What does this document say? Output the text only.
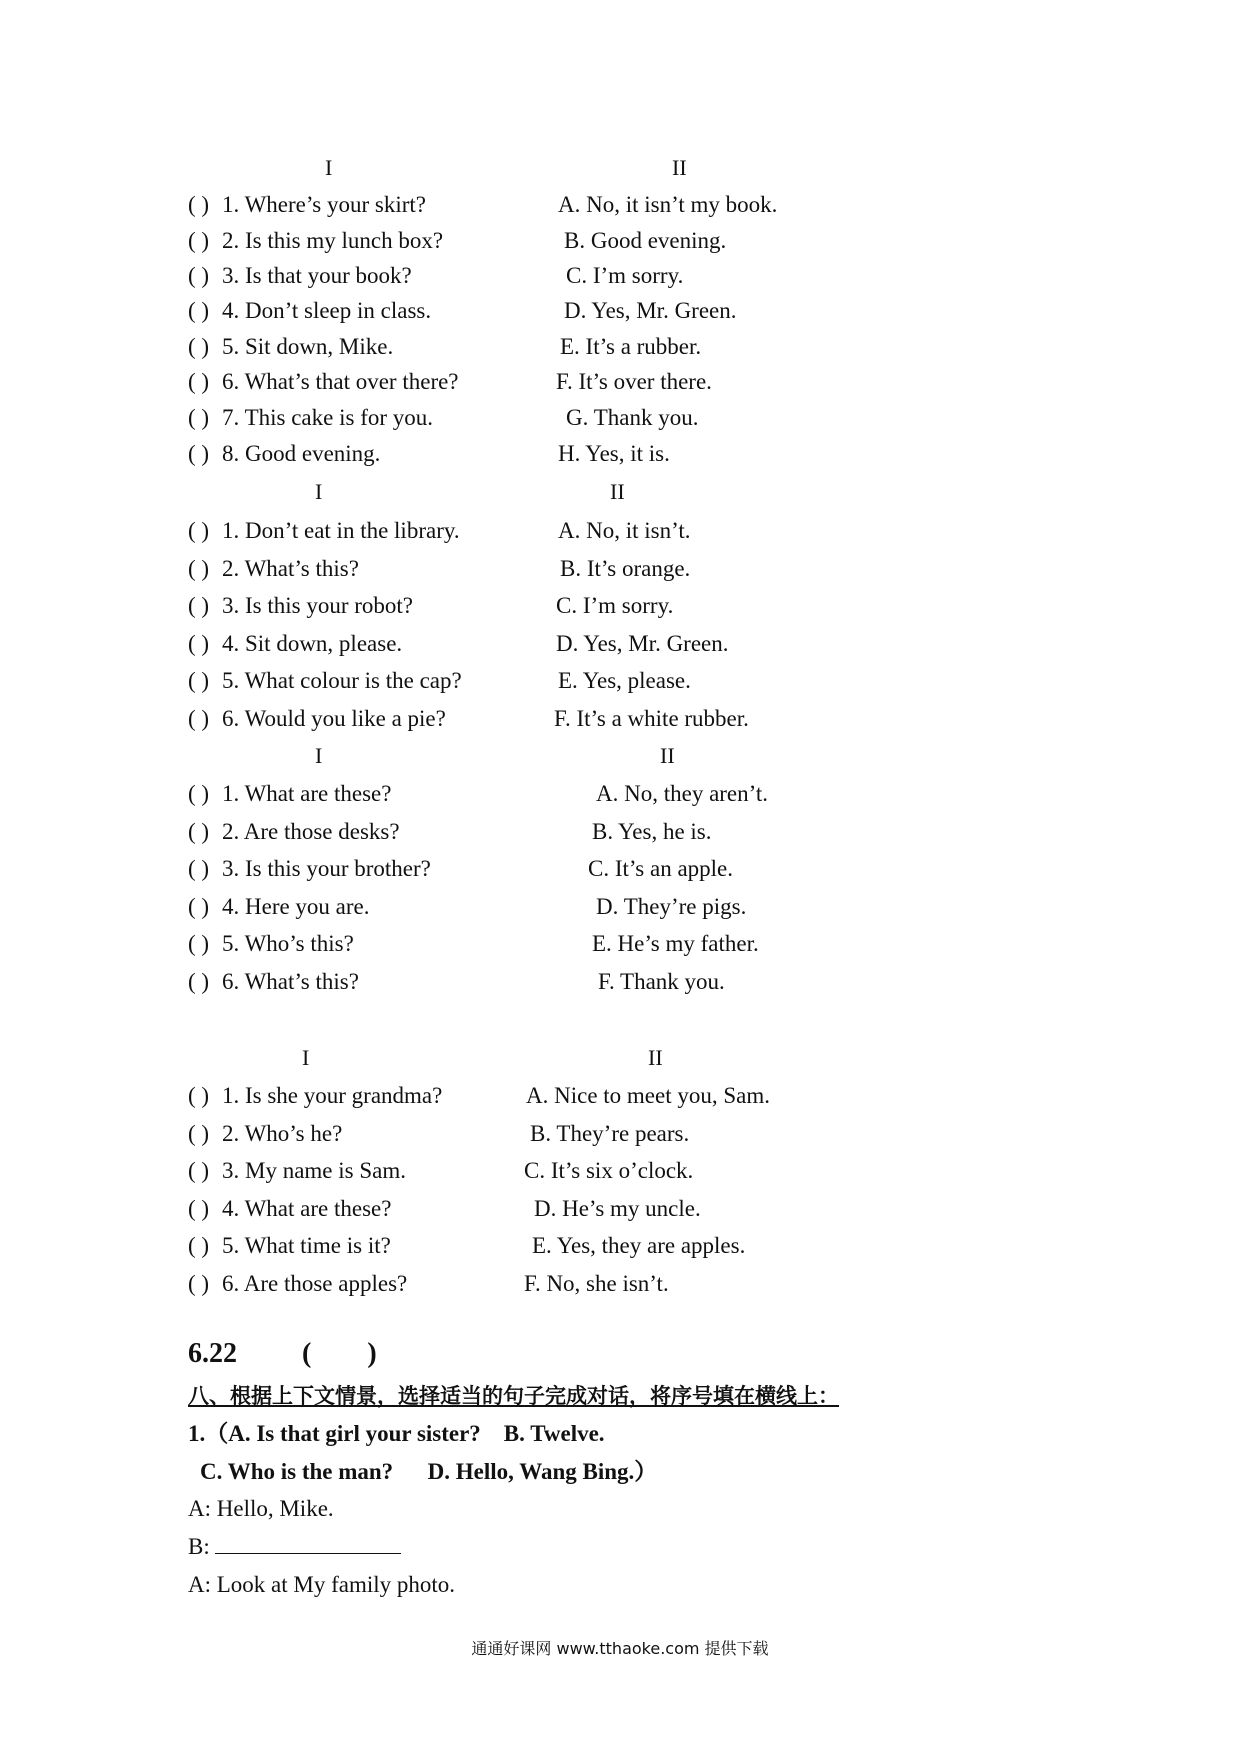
I	II
( ) 1. Where’s your skirt?	A. No, it isn’t my book.
( ) 2. Is this my lunch box?	B. Good evening.
( ) 3. Is that your book?	C. I’m sorry.
( ) 4. Don’t sleep in class.	D. Yes, Mr. Green.
( ) 5. Sit down, Mike.	E. It’s a rubber.
( ) 6. What’s that over there?	F. It’s over there.
( ) 7. This cake is for you.	G. Thank you.
( ) 8. Good evening.	H. Yes, it is.
I	II
( ) 1. Don’t eat in the library.	A. No, it isn’t.
( ) 2. What’s this?	B. It’s orange.
( ) 3. Is this your robot?	C. I’m sorry.
( ) 4. Sit down, please.	D. Yes, Mr. Green.
( ) 5. What colour is the cap?	E. Yes, please.
( ) 6. Would you like a pie?	F. It’s a white rubber.
I	II
( ) 1. What are these?	A. No, they aren’t.
( ) 2. Are those desks?	B. Yes, he is.
( ) 3. Is this your brother?	C. It’s an apple.
( ) 4. Here you are.	D. They’re pigs.
( ) 5. Who’s this?	E. He’s my father.
( ) 6. What’s this?	F. Thank you.
I	II
( ) 1. Is she your grandma?	A. Nice to meet you, Sam.
( ) 2. Who’s he?	B. They’re pears.
( ) 3. My name is Sam.	C. It’s six o’clock.
( ) 4. What are these?	D. He’s my uncle.
( ) 5. What time is it?	E. Yes, they are apples.
( ) 6. Are those apples?	F. No, she isn’t.
6.22 (        )
八、根据上下文情景，选择适当的句子完成对话，将序号填在横线上：
1.（A. Is that girl your sister?    B. Twelve.
C. Who is the man?      D. Hello, Wang Bing.）
A: Hello, Mike.
B:
A: Look at My family photo.
通通好课网 www.tthaoke.com 提供下载
